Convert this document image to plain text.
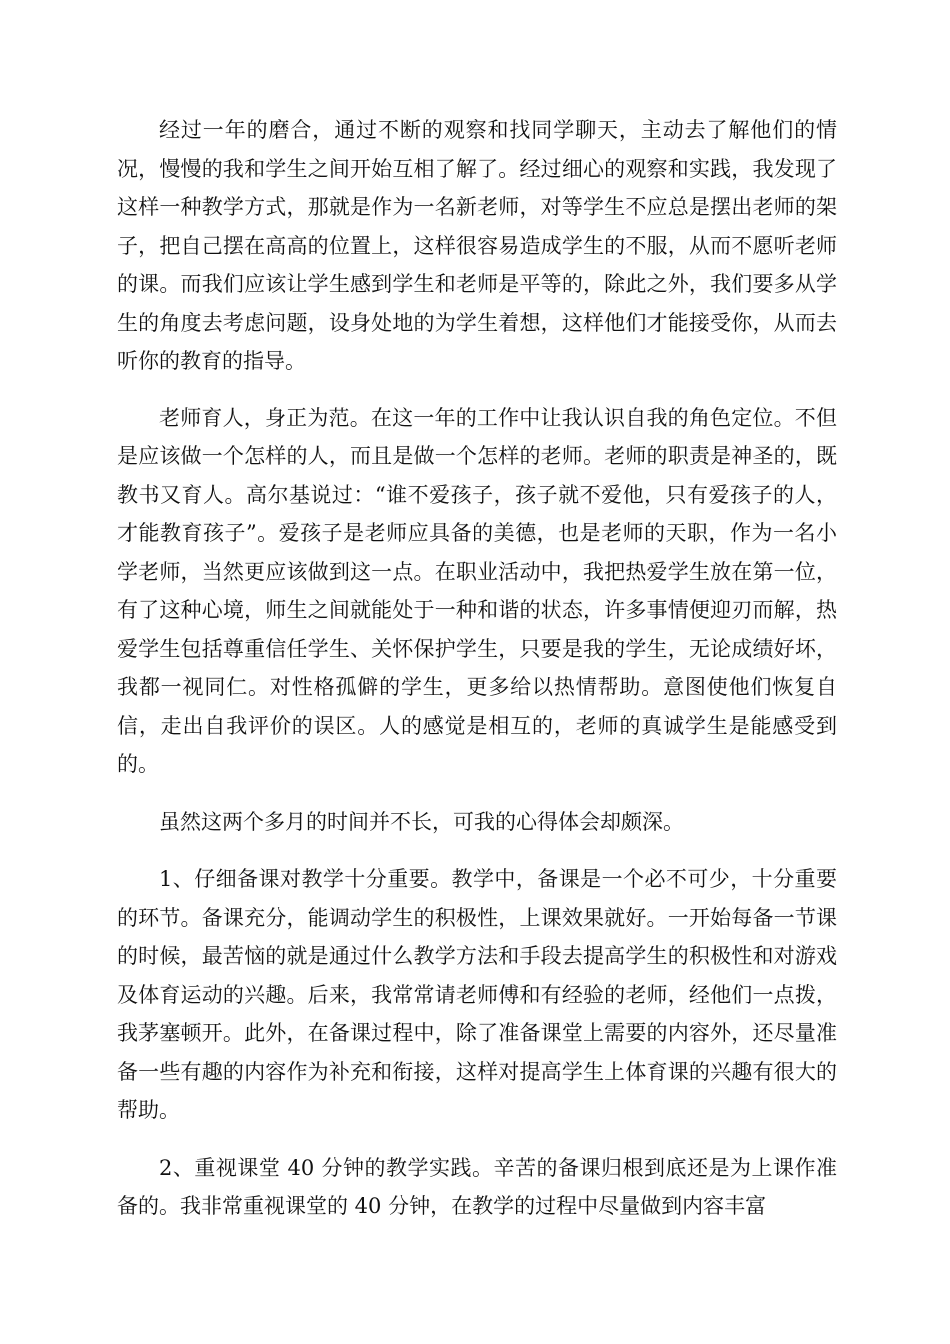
经过一年的磨合，通过不断的观察和找同学聊天，主动去了解他们的情况，慢慢的我和学生之间开始互相了解了。经过细心的观察和实践，我发现了这样一种教学方式，那就是作为一名新老师，对等学生不应总是摆出老师的架子，把自己摆在高高的位置上，这样很容易造成学生的不服，从而不愿听老师的课。而我们应该让学生感到学生和老师是平等的，除此之外，我们要多从学生的角度去考虑问题，设身处地的为学生着想，这样他们才能接受你，从而去听你的教育的指导。

老师育人，身正为范。在这一年的工作中让我认识自我的角色定位。不但是应该做一个怎样的人，而且是做一个怎样的老师。老师的职责是神圣的，既教书又育人。高尔基说过：“谁不爱孩子，孩子就不爱他，只有爱孩子的人，才能教育孩子”。爱孩子是老师应具备的美德，也是老师的天职，作为一名小学老师，当然更应该做到这一点。在职业活动中，我把热爱学生放在第一位，有了这种心境，师生之间就能处于一种和谐的状态，许多事情便迎刃而解，热爱学生包括尊重信任学生、关怀保护学生，只要是我的学生，无论成绩好坏，我都一视同仁。对性格孤僻的学生，更多给以热情帮助。意图使他们恢复自信，走出自我评价的误区。人的感觉是相互的，老师的真诚学生是能感受到的。

虽然这两个多月的时间并不长，可我的心得体会却颇深。

1、仔细备课对教学十分重要。教学中，备课是一个必不可少，十分重要的环节。备课充分，能调动学生的积极性，上课效果就好。一开始每备一节课的时候，最苦恼的就是通过什么教学方法和手段去提高学生的积极性和对游戏及体育运动的兴趣。后来，我常常请老师傅和有经验的老师，经他们一点拨，我茅塞顿开。此外，在备课过程中，除了准备课堂上需要的内容外，还尽量准备一些有趣的内容作为补充和衔接，这样对提高学生上体育课的兴趣有很大的帮助。

2、重视课堂 40 分钟的教学实践。辛苦的备课归根到底还是为上课作准备的。我非常重视课堂的 40 分钟，在教学的过程中尽量做到内容丰富
